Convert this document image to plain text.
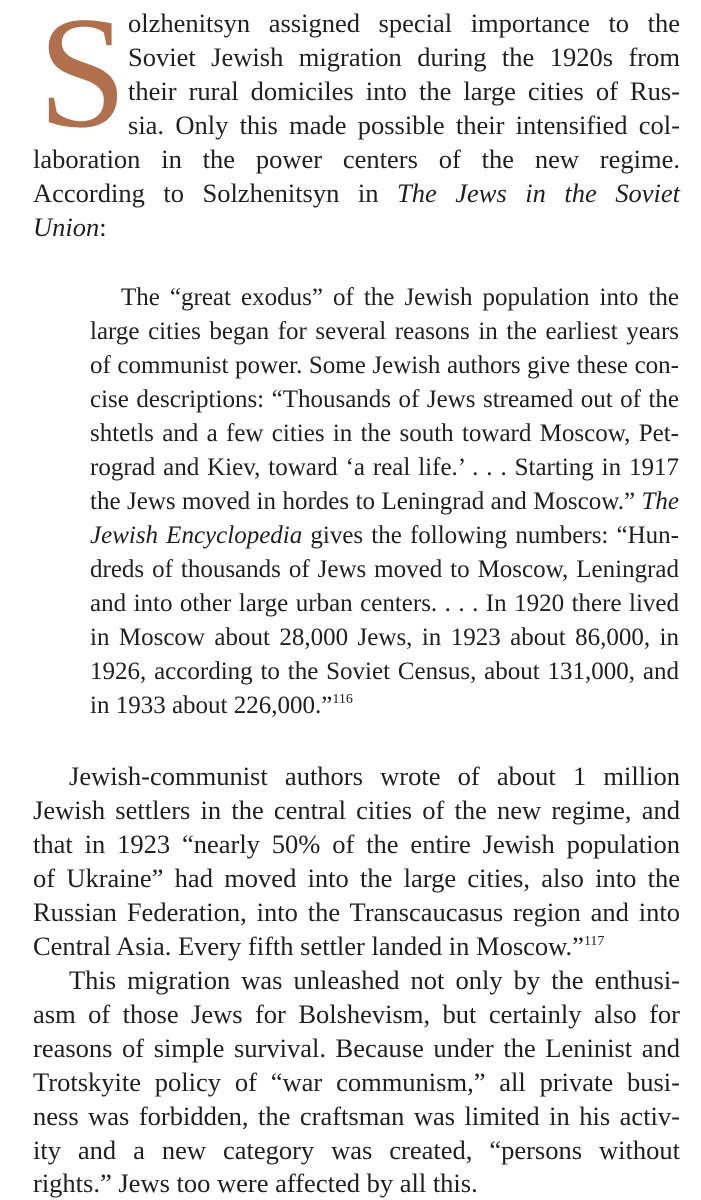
S olzhenitsyn assigned special importance to the
Soviet Jewish migration during the 1920s from
their rural domiciles into the large cities of Rus-
sia. Only this made possible their intensified col-
laboration in the power centers of the new regime.
According to Solzhenitsyn in The Jews in the Soviet
Union:
The “great exodus” of the Jewish population into the
large cities began for several reasons in the earliest years
of communist power. Some Jewish authors give these con-
cise descriptions: “Thousands of Jews streamed out of the
shtetls and a few cities in the south toward Moscow, Pet-
rograd and Kiev, toward ‘a real life.’ . . . Starting in 1917
the Jews moved in hordes to Leningrad and Moscow.” The
Jewish Encyclopedia gives the following numbers: “Hun-
dreds of thousands of Jews moved to Moscow, Leningrad
and into other large urban centers. . . . In 1920 there lived
in Moscow about 28,000 Jews, in 1923 about 86,000, in
1926, according to the Soviet Census, about 131,000, and
in 1933 about 226,000.”$^{116}$
Jewish-communist authors wrote of about 1 million
Jewish settlers in the central cities of the new regime, and
that in 1923 “nearly 50% of the entire Jewish population
of Ukraine” had moved into the large cities, also into the
Russian Federation, into the Transcaucasus region and into
Central Asia. Every fifth settler landed in Moscow.”$^{117}$
This migration was unleashed not only by the enthusi-
asm of those Jews for Bolshevism, but certainly also for
reasons of simple survival. Because under the Leninist and
Trotskyite policy of “war communism,” all private busi-
ness was forbidden, the craftsman was limited in his activ-
ity and a new category was created, “persons without
rights.” Jews too were affected by all this.
